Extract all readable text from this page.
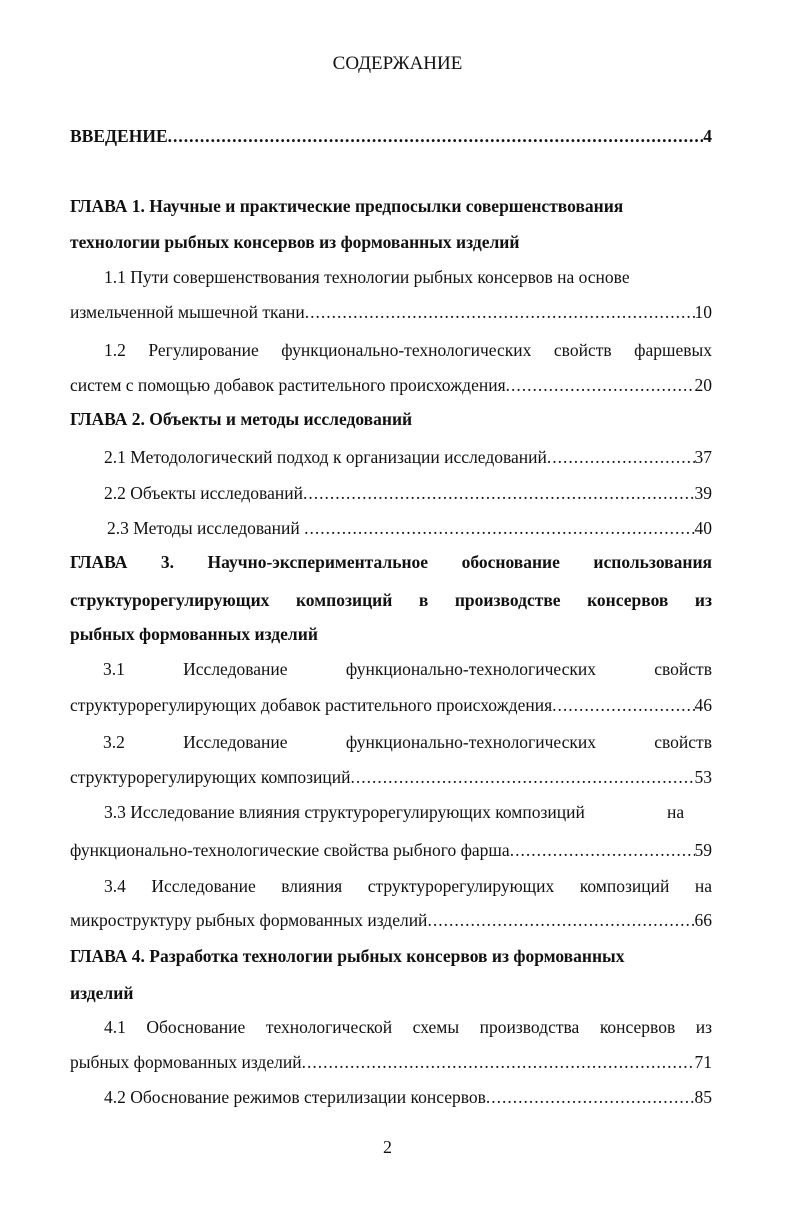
СОДЕРЖАНИЕ
ВВЕДЕНИЕ .....	4
ГЛАВА 1. Научные и практические предпосылки совершенствования
технологии рыбных консервов из формованных изделий
1.1 Пути совершенствования технологии рыбных консервов на основе
измельченной мышечной ткани .....	10
1.2 Регулирование функционально-технологических свойств фаршевых
систем с помощью добавок растительного происхождения .....	20
ГЛАВА 2. Объекты и методы исследований
2.1 Методологический подход к организации исследований .....	37
2.2 Объекты исследований .....	39
2.3 Методы исследований .....	40
ГЛАВА 3. Научно-экспериментальное обоснование использования
структурорегулирующих композиций в производстве консервов из
рыбных формованных изделий
3.1	Исследование	функционально-технологических	свойств
структурорегулирующих добавок растительного происхождения .....	46
3.2	Исследование	функционально-технологических	свойств
структурорегулирующих композиций .....	53
3.3 Исследование влияния структурорегулирующих композиций	на
функционально-технологические свойства рыбного фарша .....	59
3.4 Исследование влияния структурорегулирующих композиций на
микроструктуру рыбных формованных изделий .....	66
ГЛАВА 4. Разработка технологии рыбных консервов из формованных
изделий
4.1 Обоснование технологической схемы производства консервов из
рыбных формованных изделий .....	71
4.2 Обоснование режимов стерилизации консервов .....	85
2
